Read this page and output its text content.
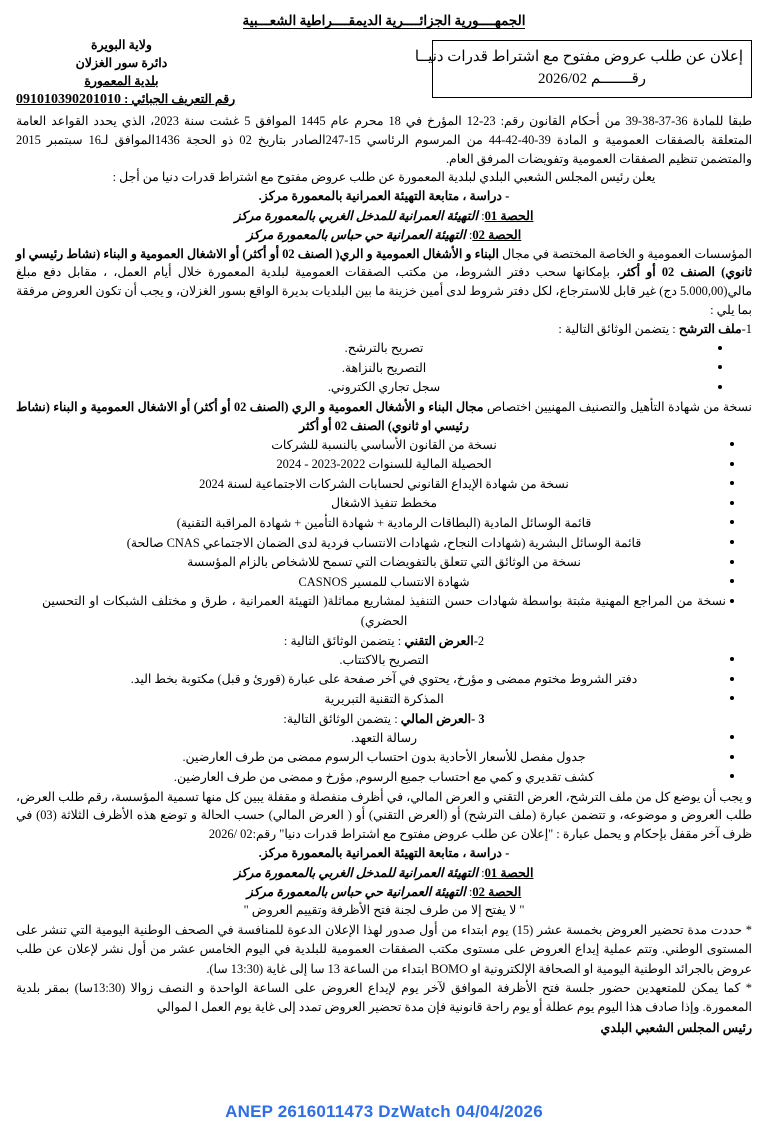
الجمهــــورية الجزائــــرية الديمقــــراطية الشعـــبية
ولاية البويرة
دائرة سور الغزلان
بلدية المعمورة
رقم التعريف الجبائي : 091010390201010
إعلان عن طلب عروض مفتوح مع اشتراط قدرات دنيــا
رقـــــــم 2026/02

طبقا للمادة 36-37-38-39 من أحكام القانون رقم: 23-12 المؤرخ في 18 محرم عام 1445 الموافق 5 غشت سنة 2023، الذي يحدد القواعد العامة المتعلقة بالصفقات العمومية و المادة 39-40-42-44 من المرسوم الرئاسي 15-247الصادر بتاريخ 02 ذو الحجة 1436الموافق لـ16 سبتمبر 2015 والمتضمن تنظيم الصفقات العمومية وتفويضات المرفق العام.

يعلن رئيس المجلس الشعبي البلدي لبلدية المعمورة عن طلب عروض مفتوح مع اشتراط قدرات دنيا من أجل :

- دراسة ، متابعة التهيئة العمرانية بالمعمورة مركز.

الحصة 01: التهيئة العمرانية للمدخل الغربي بالمعمورة مركز

الحصة 02: التهيئة العمرانية حي حباس بالمعمورة مركز

المؤسسات العمومية و الخاصة المختصة في مجال البناء و الأشغال العمومية و الري( الصنف 02 أو أكثر) أو الاشغال العمومية و البناء (نشاط رئيسي او ثانوي) الصنف 02 أو أكثر، بإمكانها سحب دفتر الشروط، من مكتب الصفقات العمومية لبلدية المعمورة خلال أيام العمل، ، مقابل دفع مبلغ مالي(5.000,00 دج) غير قابل للاسترجاع، لكل دفتر شروط لدى أمين خزينة ما بين البلديات بديرة الواقع بسور الغزلان، و يجب أن تكون العروض مرفقة بما يلي :

1-ملف الترشح : يتضمن الوثائق التالية :

تصريح بالترشح.
التصريح بالنزاهة.
سجل تجاري الكتروني.

نسخة من شهادة التأهيل والتصنيف المهنيين اختصاص مجال البناء و الأشغال العمومية و الري (الصنف 02 أو أكثر) أو الاشغال العمومية و البناء (نشاط رئيسي او ثانوي) الصنف 02 أو أكثر

نسخة من القانون الأساسي بالنسبة للشركات
الحصيلة المالية للسنوات 2022-2023 - 2024
نسخة من شهادة الإيداع القانوني لحسابات الشركات الاجتماعية لسنة 2024
مخطط تنفيذ الاشغال
قائمة الوسائل المادية (البطاقات الرمادية + شهادة التأمين + شهادة المراقبة التقنية)
قائمة الوسائل البشرية (شهادات النجاح، شهادات الانتساب فردية لدى الضمان الاجتماعي CNAS صالحة)
نسخة من الوثائق التي تتعلق بالتفويضات التي تسمح للاشخاص بالزام المؤسسة
شهادة الانتساب للمسير CASNOS
نسخة من المراجع المهنية مثبتة بواسطة شهادات حسن التنفيذ لمشاريع مماثلة( التهيئة العمرانية ، طرق و مختلف الشبكات او التحسين الحضري)

2-العرض التقني : يتضمن الوثائق التالية :

التصريح بالاكتتاب.
دفتر الشروط مختوم ممضى و مؤرخ، يحتوي في آخر صفحة على عبارة (قورئ و قبل) مكتوبة بخط اليد.
المذكرة التقنية التبريرية

3 -العرض المالي : يتضمن الوثائق التالية:

رسالة التعهد.
جدول مفصل للأسعار الأحادية بدون احتساب الرسوم ممضى من طرف العارضين.
كشف تقديري و كمي مع احتساب جميع الرسوم, مؤرخ و ممضى من طرف العارضين.

و يجب أن يوضع كل من ملف الترشح، العرض التقني و العرض المالي، في أظرف منفصلة و مقفلة يبين كل منها تسمية المؤسسة، رقم طلب العرض، طلب العروض و موضوعه، و تتضمن عبارة (ملف الترشح) أو (العرض التقني) أو ( العرض المالي) حسب الحالة و توضع هذه الأظرف الثلاثة (03) في ظرف آخر مقفل بإحكام و يحمل عبارة : "إعلان عن طلب عروض مفتوح مع اشتراط قدرات دنيا" رقم:02 /2026

- دراسة ، متابعة التهيئة العمرانية بالمعمورة مركز.

الحصة 01: التهيئة العمرانية للمدخل الغربي بالمعمورة مركز

الحصة 02: التهيئة العمرانية حي حباس بالمعمورة مركز

" لا يفتح إلا من طرف لجنة فتح الأظرفة وتقييم العروض "

* حددت مدة تحضير العروض بخمسة عشر (15) يوم ابتداء من أول صدور لهذا الإعلان الدعوة للمنافسة في الصحف الوطنية اليومية التي تنشر على المستوى الوطني. وتتم عملية إيداع العروض على مستوى مكتب الصفقات العمومية للبلدية في اليوم الخامس عشر من أول نشر لإعلان عن طلب عروض بالجرائد الوطنية اليومية او الصحافة الإلكترونية او BOMO ابتداء من الساعة 13 سا إلى غاية (13:30 سا).

* كما يمكن للمتعهدين حضور جلسة فتح الأظرفة الموافق لآخر يوم لإيداع العروض على الساعة الواحدة و النصف زوالا (13:30سا) بمقر بلدية المعمورة. وإذا صادف هذا اليوم يوم عطلة أو يوم راحة قانونية فإن مدة تحضير العروض تمدد إلى غاية يوم العمل ا لموالي

رئيس المجلس الشعبي البلدي

ANEP 2616011473 DzWatch 04/04/2026
